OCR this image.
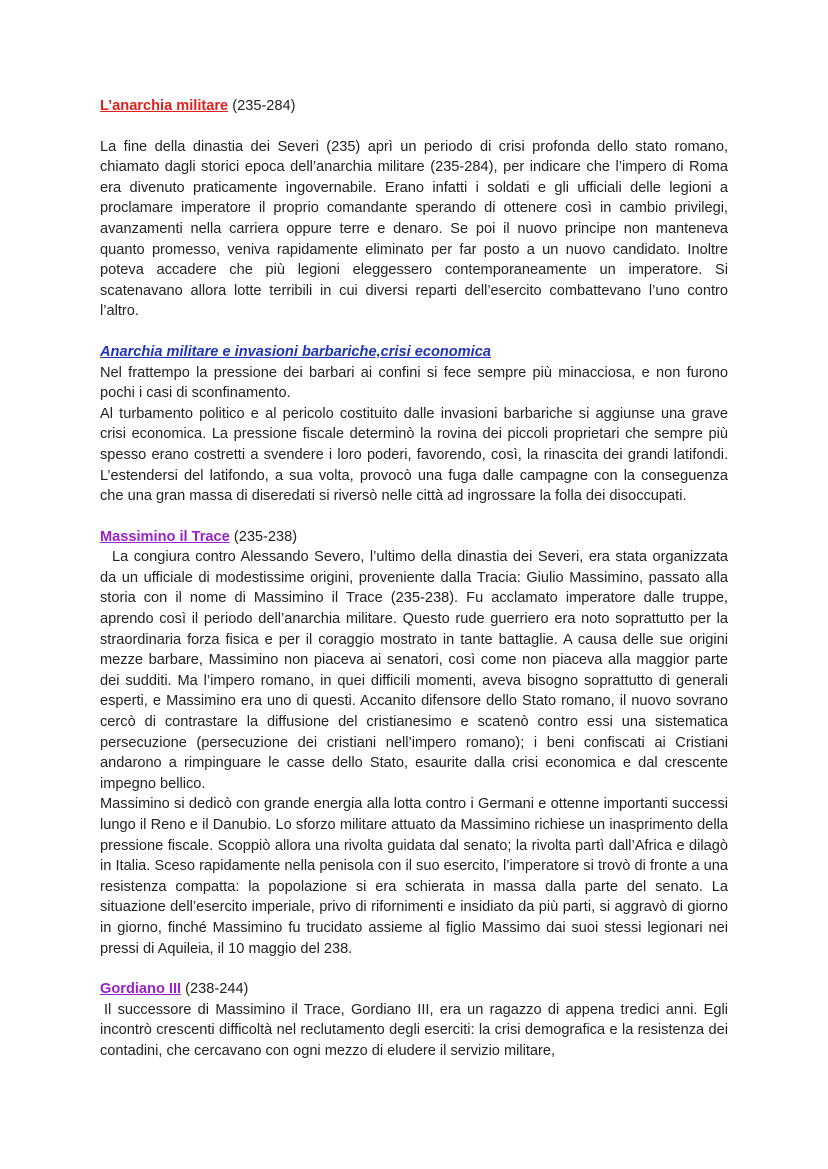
L’anarchia militare (235-284)

La fine della dinastia dei Severi (235) aprì un periodo di crisi profonda dello stato romano, chiamato dagli storici epoca dell’anarchia militare (235-284), per indicare che l’impero di Roma era divenuto praticamente ingovernabile. Erano infatti i soldati e gli ufficiali delle legioni a proclamare imperatore il proprio comandante sperando di ottenere così in cambio privilegi, avanzamenti nella carriera oppure terre e denaro. Se poi il nuovo principe non manteneva quanto promesso, veniva rapidamente eliminato per far posto a un nuovo candidato. Inoltre poteva accadere che più legioni eleggessero contemporaneamente un imperatore. Si scatenavano allora lotte terribili in cui diversi reparti dell’esercito combattevano l’uno contro l’altro.

Anarchia militare e invasioni barbariche,crisi economica

Nel frattempo la pressione dei barbari ai confini si fece sempre più minacciosa, e non furono pochi i casi di sconfinamento.

Al turbamento politico e al pericolo costituito dalle invasioni barbariche si aggiunse una grave crisi economica. La pressione fiscale determinò la rovina dei piccoli proprietari che sempre più spesso erano costretti a svendere i loro poderi, favorendo, così, la rinascita dei grandi latifondi. L’estendersi del latifondo, a sua volta, provocò una fuga dalle campagne con la conseguenza che una gran massa di diseredati si riversò nelle città ad ingrossare la folla dei disoccupati.

Massimino il Trace (235-238)

La congiura contro Alessando Severo, l’ultimo della dinastia dei Severi, era stata organizzata da un ufficiale di modestissime origini, proveniente dalla Tracia: Giulio Massimino, passato alla storia con il nome di Massimino il Trace (235-238). Fu acclamato imperatore dalle truppe, aprendo così il periodo dell’anarchia militare. Questo rude guerriero era noto soprattutto per la straordinaria forza fisica e per il coraggio mostrato in tante battaglie. A causa delle sue origini mezze barbare, Massimino non piaceva ai senatori, così come non piaceva alla maggior parte dei sudditi. Ma l’impero romano, in quei difficili momenti, aveva bisogno soprattutto di generali esperti, e Massimino era uno di questi. Accanito difensore dello Stato romano, il nuovo sovrano cercò di contrastare la diffusione del cristianesimo e scatenò contro essi una sistematica persecuzione (persecuzione dei cristiani nell’impero romano); i beni confiscati ai Cristiani andarono a rimpinguare le casse dello Stato, esaurite dalla crisi economica e dal crescente impegno bellico.

Massimino si dedicò con grande energia alla lotta contro i Germani e ottenne importanti successi lungo il Reno e il Danubio. Lo sforzo militare attuato da Massimino richiese un inasprimento della pressione fiscale. Scoppiò allora una rivolta guidata dal senato; la rivolta partì dall’Africa e dilagò in Italia. Sceso rapidamente nella penisola con il suo esercito, l’imperatore si trovò di fronte a una resistenza compatta: la popolazione si era schierata in massa dalla parte del senato. La situazione dell’esercito imperiale, privo di rifornimenti e insidiato da più parti, si aggravò di giorno in giorno, finché Massimino fu trucidato assieme al figlio Massimo dai suoi stessi legionari nei pressi di Aquileia, il 10 maggio del 238.

Gordiano III (238-244)

Il successore di Massimino il Trace, Gordiano III, era un ragazzo di appena tredici anni. Egli incontrò crescenti difficoltà nel reclutamento degli eserciti: la crisi demografica e la resistenza dei contadini, che cercavano con ogni mezzo di eludere il servizio militare,
